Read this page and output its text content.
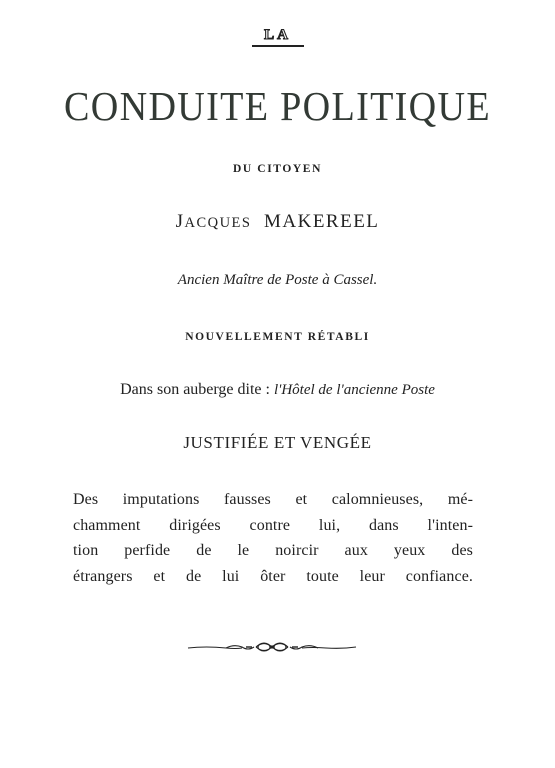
LA
CONDUITE POLITIQUE
DU CITOYEN
JACQUES MAKEREEL
Ancien Maître de Poste à Cassel.
NOUVELLEMENT RÉTABLI
Dans son auberge dite : l'Hôtel de l'ancienne Poste
JUSTIFIÉE ET VENGÉE
Des imputations fausses et calomnieuses, mé-
chamment dirigées contre lui, dans l'inten-
tion perfide de le noircir aux yeux des
étrangers et de lui ôter toute leur confiance.
